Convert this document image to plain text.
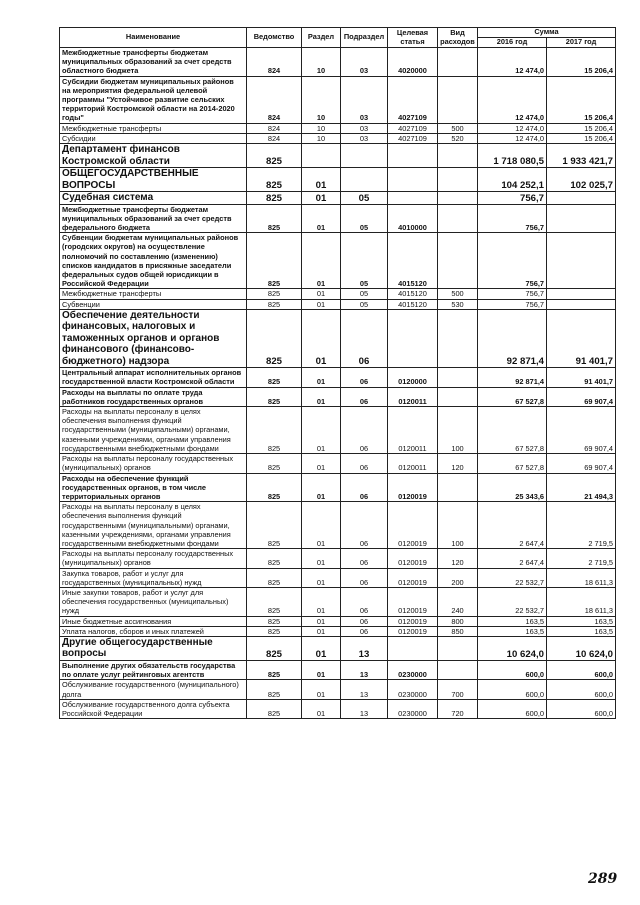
Наименование	Ведомство	Раздел	Подраздел	Целевая статья	Вид расходов	Сумма	
						2016 год	2017 год
Межбюджетные трансферты бюджетам муниципальных образований за счет средств областного бюджета	824	10	03	4020000		12 474,0	15 206,4
Субсидии бюджетам муниципальных районов на мероприятия федеральной целевой программы "Устойчивое развитие сельских территорий Костромской области на 2014-2020 годы"	824	10	03	4027109		12 474,0	15 206,4
Межбюджетные трансферты	824	10	03	4027109	500	12 474,0	15 206,4
Субсидии	824	10	03	4027109	520	12 474,0	15 206,4
Департамент финансов Костромской области	825					1 718 080,5	1 933 421,7
ОБЩЕГОСУДАРСТВЕННЫЕ ВОПРОСЫ	825	01				104 252,1	102 025,7
Судебная система	825	01	05			756,7	
Межбюджетные трансферты бюджетам муниципальных образований за счет средств федерального бюджета	825	01	05	4010000		756,7	
Субвенции бюджетам муниципальных районов (городских округов) на осуществление полномочий по составлению (изменению) списков кандидатов в присяжные заседатели федеральных судов общей юрисдикции в Российской Федерации	825	01	05	4015120		756,7	
Межбюджетные трансферты	825	01	05	4015120	500	756,7	
Субвенции	825	01	05	4015120	530	756,7	
Обеспечение деятельности финансовых, налоговых и таможенных органов и органов финансового (финансово-бюджетного) надзора	825	01	06			92 871,4	91 401,7
Центральный аппарат исполнительных органов государственной власти Костромской области	825	01	06	0120000		92 871,4	91 401,7
Расходы на выплаты по оплате труда работников государственных органов	825	01	06	0120011		67 527,8	69 907,4
Расходы на выплаты персоналу в целях обеспечения выполнения функций государственными (муниципальными) органами, казенными учреждениями, органами управления государственными внебюджетными фондами	825	01	06	0120011	100	67 527,8	69 907,4
Расходы на выплаты персоналу государственных (муниципальных) органов	825	01	06	0120011	120	67 527,8	69 907,4
Расходы на обеспечение функций государственных органов, в том числе территориальных органов	825	01	06	0120019		25 343,6	21 494,3
Расходы на выплаты персоналу в целях обеспечения выполнения функций государственными (муниципальными) органами, казенными учреждениями, органами управления государственными внебюджетными фондами	825	01	06	0120019	100	2 647,4	2 719,5
Расходы на выплаты персоналу государственных (муниципальных) органов	825	01	06	0120019	120	2 647,4	2 719,5
Закупка товаров, работ и услуг для государственных (муниципальных) нужд	825	01	06	0120019	200	22 532,7	18 611,3
Иные закупки товаров, работ и услуг для обеспечения государственных (муниципальных) нужд	825	01	06	0120019	240	22 532,7	18 611,3
Иные бюджетные ассигнования	825	01	06	0120019	800	163,5	163,5
Уплата налогов, сборов и иных платежей	825	01	06	0120019	850	163,5	163,5
Другие общегосударственные вопросы	825	01	13			10 624,0	10 624,0
Выполнение других обязательств государства по оплате услуг рейтинговых агентств	825	01	13	0230000		600,0	600,0
Обслуживание государственного (муниципального) долга	825	01	13	0230000	700	600,0	600,0
Обслуживание государственного долга субъекта Российской Федерации	825	01	13	0230000	720	600,0	600,0
289
